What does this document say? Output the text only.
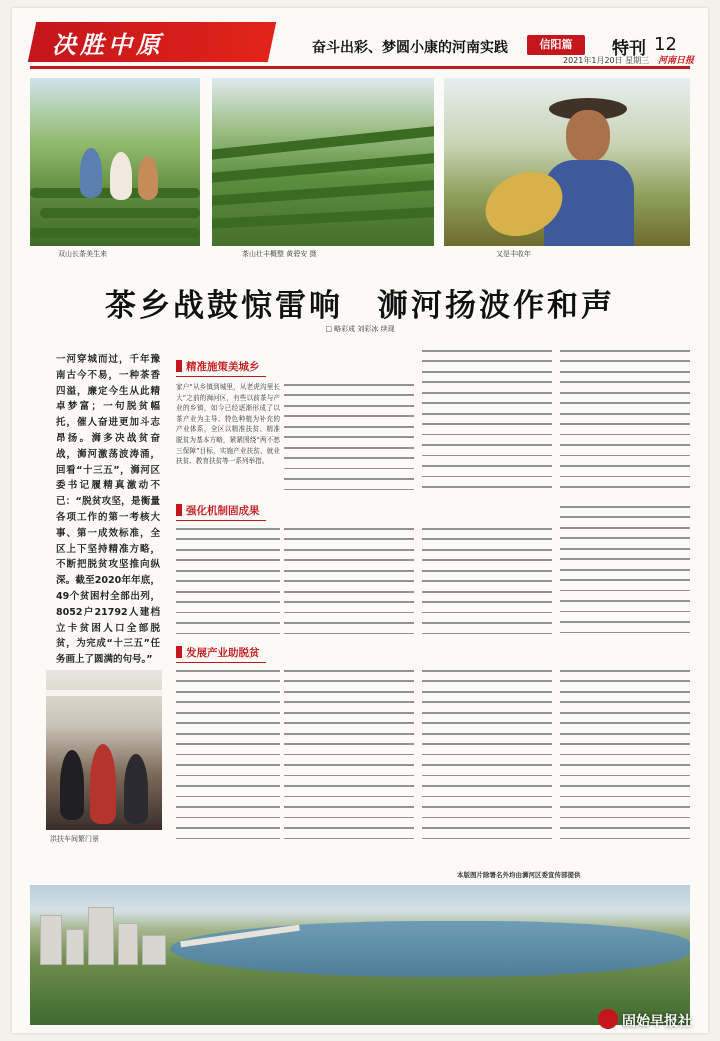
决胜中原	奋斗出彩、梦圆小康的河南实践	信阳篇	特刊 12
2021年1月20日 星期三 河南日报
双山长茶美生来	茶山壮丰概整 黄碧安 摄	又是丰收年
茶乡战鼓惊雷响　浉河扬波作和声
□ 略彩成 刘彩冰 续现
一河穿城而过，千年豫南古今不易，一种茶香四溢，廉定今生从此精卓梦富；一句脱贫幅托，催人奋进更加斗志昂扬。浉多决战贫奋战，浉河激荡波涛涌，回看“十三五”，浉河区委书记履精真激动不已：“脱贫攻坚，是衡量各项工作的第一考核大事、第一成效标准，全区上下坚持精准方略，不断把脱贫攻坚推向纵深。截至2020年年底，49个贫困村全部出列，8052户21792人建档立卡贫困人口全部脱贫，为完成“十三五”任务画上了圆满的句号。”
精准施策美城乡
家户“从乡镇到城里，从老虎沟里长大”之前的浉河区，有些以前茶与产业的乡镇，如今已经逐渐形成了以茶产业为主导、特色种植为补充的产业体系，全区以精准扶贫、精准脱贫为基本方略，紧紧围绕“两不愁三保障”目标，实施产业扶贫、就业扶贫、教育扶贫等一系列举措。
强化机制固成果
发展产业助脱贫
洪扶车间繁门景
本版图片除署名外均由浉河区委宣传部提供
固始早报社
